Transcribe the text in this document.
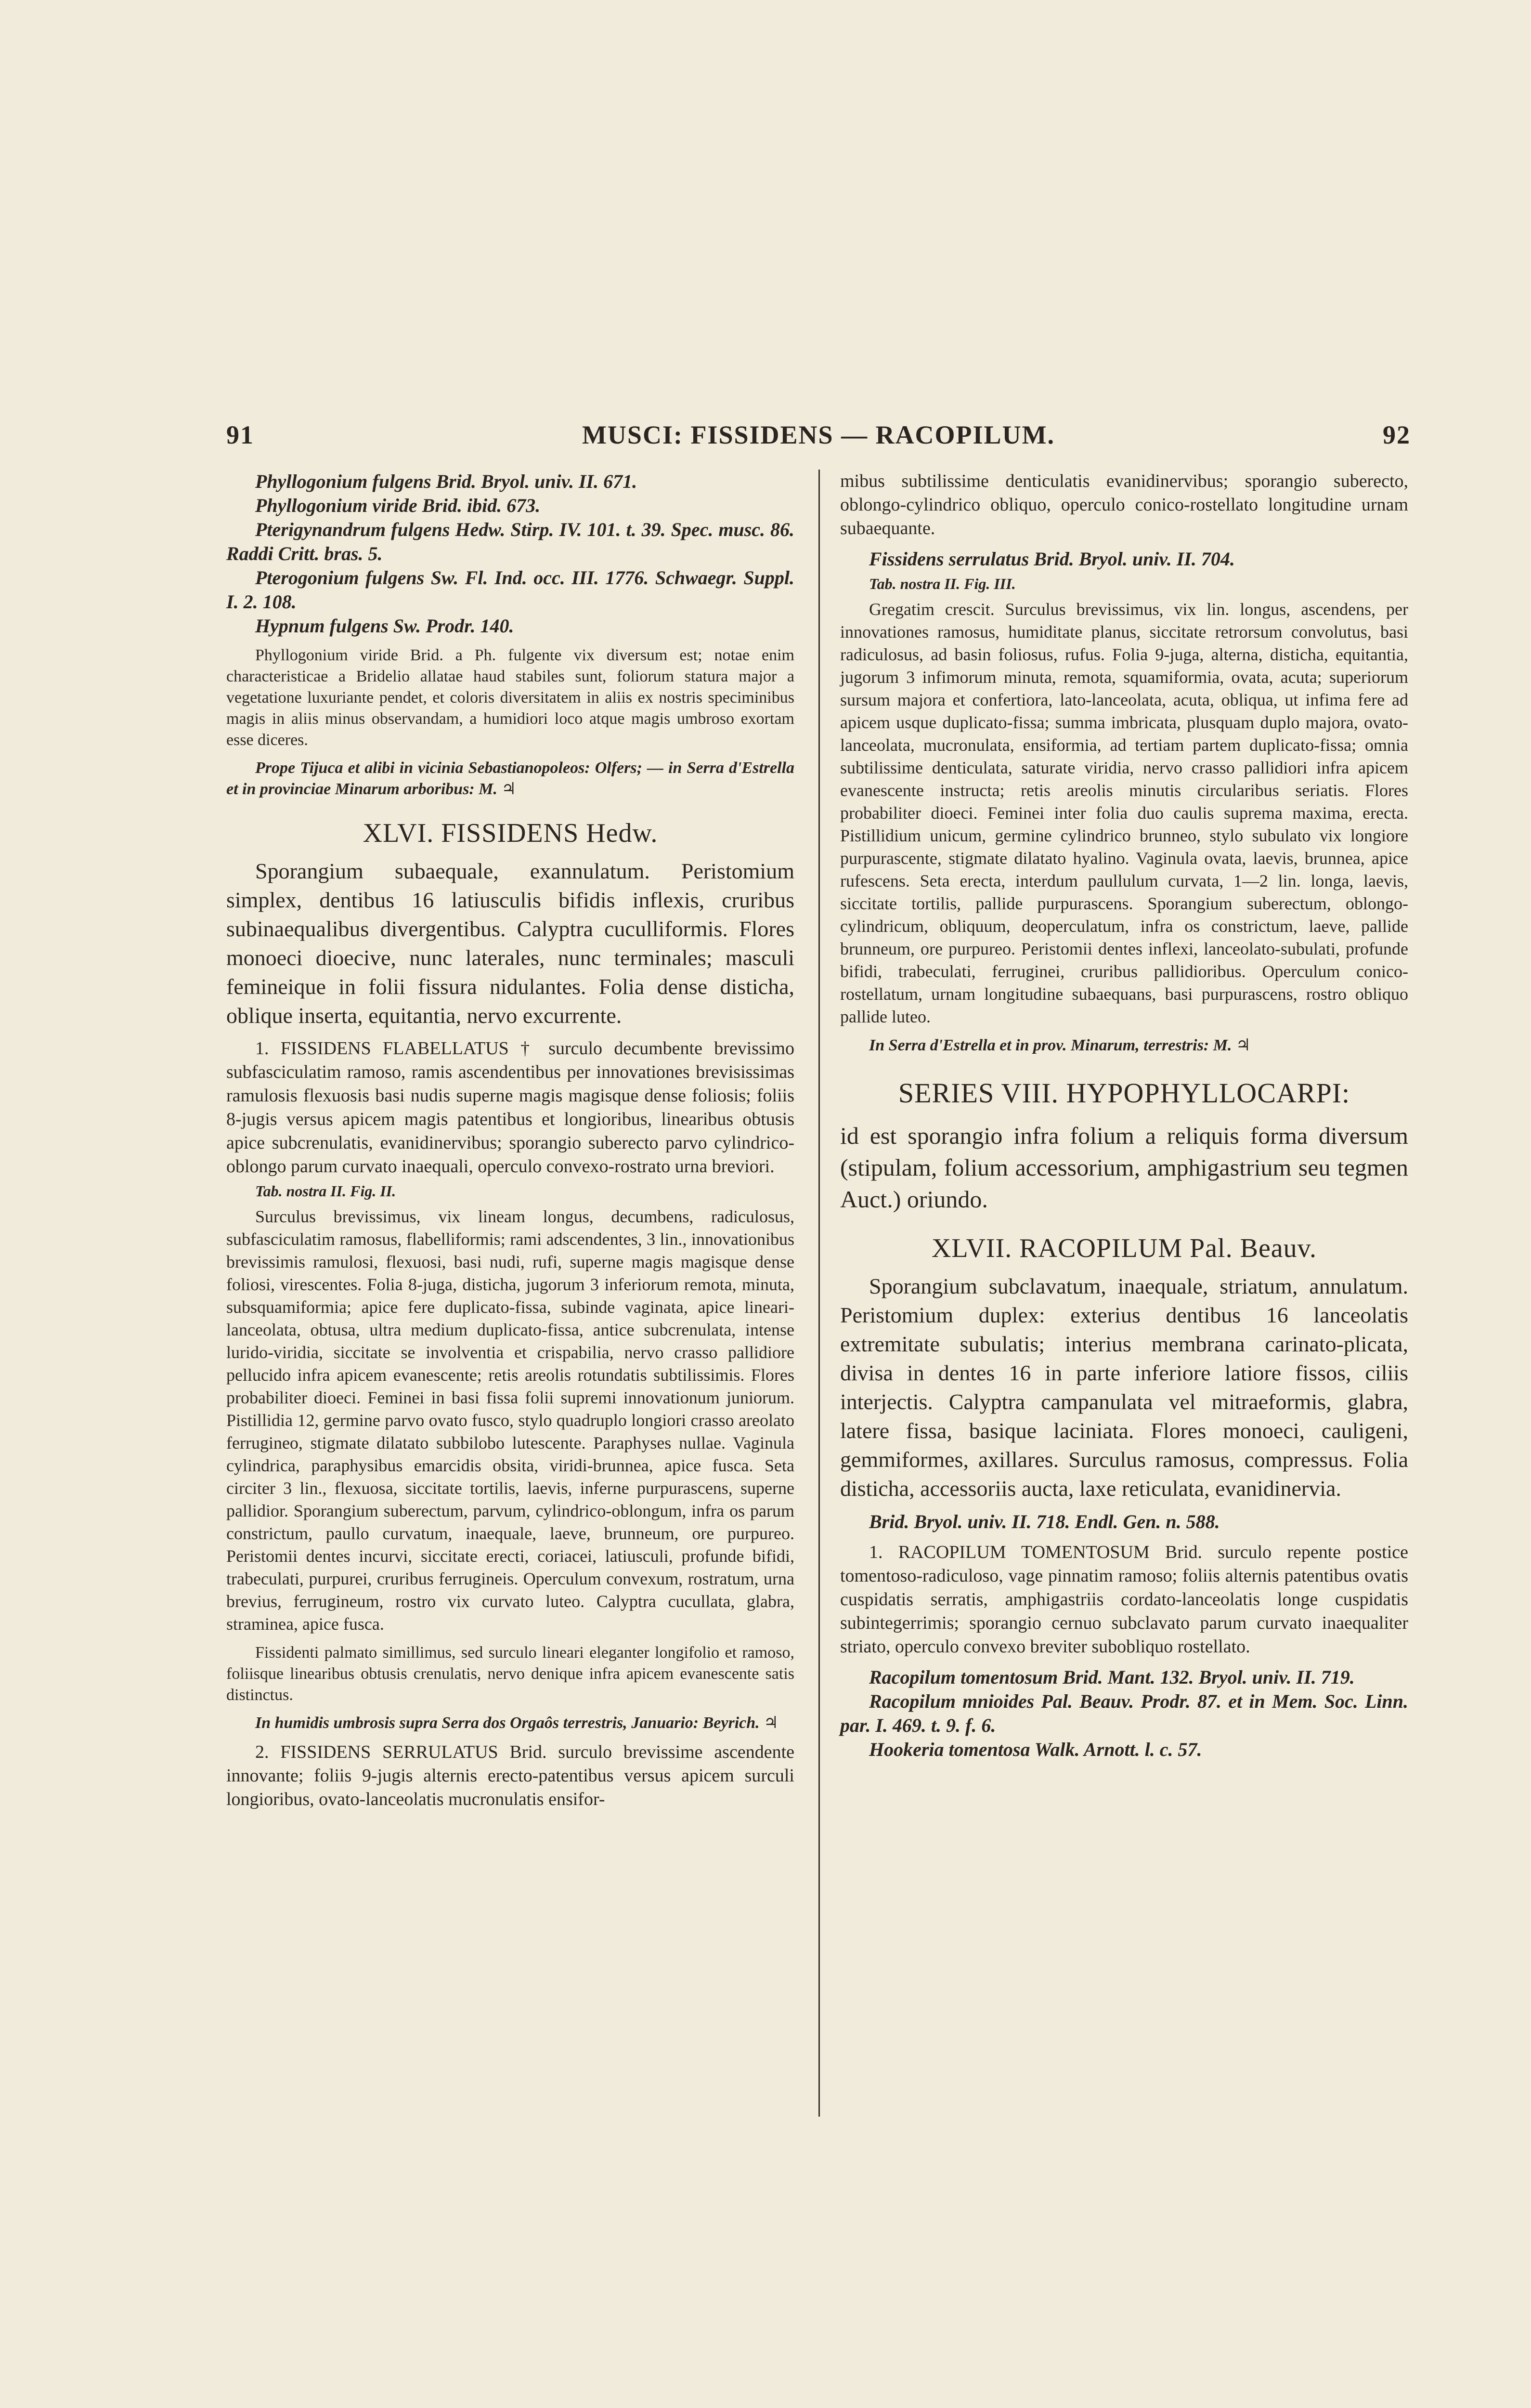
91	MUSCI: FISSIDENS — RACOPILUM.	92

Phyllogonium fulgens Brid. Bryol. univ. II. 671.

Phyllogonium viride Brid. ibid. 673.

Pterigynandrum fulgens Hedw. Stirp. IV. 101. t. 39. Spec. musc. 86. Raddi Critt. bras. 5.

Pterogonium fulgens Sw. Fl. Ind. occ. III. 1776. Schwaegr. Suppl. I. 2. 108.

Hypnum fulgens Sw. Prodr. 140.

Phyllogonium viride Brid. a Ph. fulgente vix diversum est; notae enim characteristicae a Bridelio allatae haud stabiles sunt, foliorum statura major a vegetatione luxuriante pendet, et coloris diversitatem in aliis ex nostris speciminibus magis in aliis minus observandam, a humidiori loco atque magis umbroso exortam esse diceres.

Prope Tijuca et alibi in vicinia Sebastianopoleos: Olfers; — in Serra d'Estrella et in provinciae Minarum arboribus: M. ♃

XLVI. FISSIDENS Hedw.

Sporangium subaequale, exannulatum. Peristomium simplex, dentibus 16 latiusculis bifidis inflexis, cruribus subinaequalibus divergentibus. Calyptra cuculliformis. Flores monoeci dioecive, nunc laterales, nunc terminales; masculi femineique in folii fissura nidulantes. Folia dense disticha, oblique inserta, equitantia, nervo excurrente.

1. FISSIDENS FLABELLATUS † surculo decumbente brevissimo subfasciculatim ramoso, ramis ascendentibus per innovationes brevisissimas ramulosis flexuosis basi nudis superne magis magisque dense foliosis; foliis 8-jugis versus apicem magis patentibus et longioribus, linearibus obtusis apice subcrenulatis, evanidinervibus; sporangio suberecto parvo cylindrico-oblongo parum curvato inaequali, operculo convexo-rostrato urna breviori.

Tab. nostra II. Fig. II.

Surculus brevissimus, vix lineam longus, decumbens, radiculosus, subfasciculatim ramosus, flabelliformis; rami adscendentes, 3 lin., innovationibus brevissimis ramulosi, flexuosi, basi nudi, rufi, superne magis magisque dense foliosi, virescentes. Folia 8-juga, disticha, jugorum 3 inferiorum remota, minuta, subsquamiformia; apice fere duplicato-fissa, subinde vaginata, apice lineari-lanceolata, obtusa, ultra medium duplicato-fissa, antice subcrenulata, intense lurido-viridia, siccitate se involventia et crispabilia, nervo crasso pallidiore pellucido infra apicem evanescente; retis areolis rotundatis subtilissimis. Flores probabiliter dioeci. Feminei in basi fissa folii supremi innovationum juniorum. Pistillidia 12, germine parvo ovato fusco, stylo quadruplo longiori crasso areolato ferrugineo, stigmate dilatato subbilobo lutescente. Paraphyses nullae. Vaginula cylindrica, paraphysibus emarcidis obsita, viridi-brunnea, apice fusca. Seta circiter 3 lin., flexuosa, siccitate tortilis, laevis, inferne purpurascens, superne pallidior. Sporangium suberectum, parvum, cylindrico-oblongum, infra os parum constrictum, paullo curvatum, inaequale, laeve, brunneum, ore purpureo. Peristomii dentes incurvi, siccitate erecti, coriacei, latiusculi, profunde bifidi, trabeculati, purpurei, cruribus ferrugineis. Operculum convexum, rostratum, urna brevius, ferrugineum, rostro vix curvato luteo. Calyptra cucullata, glabra, straminea, apice fusca.

Fissidenti palmato simillimus, sed surculo lineari eleganter longifolio et ramoso, foliisque linearibus obtusis crenulatis, nervo denique infra apicem evanescente satis distinctus.

In humidis umbrosis supra Serra dos Orgaôs terrestris, Januario: Beyrich. ♃

2. FISSIDENS SERRULATUS Brid. surculo brevissime ascendente innovante; foliis 9-jugis alternis erecto-patentibus versus apicem surculi longioribus, ovato-lanceolatis mucronulatis ensifor-

mibus subtilissime denticulatis evanidinervibus; sporangio suberecto, oblongo-cylindrico obliquo, operculo conico-rostellato longitudine urnam subaequante.

Fissidens serrulatus Brid. Bryol. univ. II. 704.

Tab. nostra II. Fig. III.

Gregatim crescit. Surculus brevissimus, vix lin. longus, ascendens, per innovationes ramosus, humiditate planus, siccitate retrorsum convolutus, basi radiculosus, ad basin foliosus, rufus. Folia 9-juga, alterna, disticha, equitantia, jugorum 3 infimorum minuta, remota, squamiformia, ovata, acuta; superiorum sursum majora et confertiora, lato-lanceolata, acuta, obliqua, ut infima fere ad apicem usque duplicato-fissa; summa imbricata, plusquam duplo majora, ovato-lanceolata, mucronulata, ensiformia, ad tertiam partem duplicato-fissa; omnia subtilissime denticulata, saturate viridia, nervo crasso pallidiori infra apicem evanescente instructa; retis areolis minutis circularibus seriatis. Flores probabiliter dioeci. Feminei inter folia duo caulis suprema maxima, erecta. Pistillidium unicum, germine cylindrico brunneo, stylo subulato vix longiore purpurascente, stigmate dilatato hyalino. Vaginula ovata, laevis, brunnea, apice rufescens. Seta erecta, interdum paullulum curvata, 1—2 lin. longa, laevis, siccitate tortilis, pallide purpurascens. Sporangium suberectum, oblongo-cylindricum, obliquum, deoperculatum, infra os constrictum, laeve, pallide brunneum, ore purpureo. Peristomii dentes inflexi, lanceolato-subulati, profunde bifidi, trabeculati, ferruginei, cruribus pallidioribus. Operculum conico-rostellatum, urnam longitudine subaequans, basi purpurascens, rostro obliquo pallide luteo.

In Serra d'Estrella et in prov. Minarum, terrestris: M. ♃

SERIES VIII. HYPOPHYLLOCARPI:

id est sporangio infra folium a reliquis forma diversum (stipulam, folium accessorium, amphigastrium seu tegmen Auct.) oriundo.

XLVII. RACOPILUM Pal. Beauv.

Sporangium subclavatum, inaequale, striatum, annulatum. Peristomium duplex: exterius dentibus 16 lanceolatis extremitate subulatis; interius membrana carinato-plicata, divisa in dentes 16 in parte inferiore latiore fissos, ciliis interjectis. Calyptra campanulata vel mitraeformis, glabra, latere fissa, basique laciniata. Flores monoeci, cauligeni, gemmiformes, axillares. Surculus ramosus, compressus. Folia disticha, accessoriis aucta, laxe reticulata, evanidinervia.

Brid. Bryol. univ. II. 718. Endl. Gen. n. 588.

1. RACOPILUM TOMENTOSUM Brid. surculo repente postice tomentoso-radiculoso, vage pinnatim ramoso; foliis alternis patentibus ovatis cuspidatis serratis, amphigastriis cordato-lanceolatis longe cuspidatis subintegerrimis; sporangio cernuo subclavato parum curvato inaequaliter striato, operculo convexo breviter subobliquo rostellato.

Racopilum tomentosum Brid. Mant. 132. Bryol. univ. II. 719.

Racopilum mnioides Pal. Beauv. Prodr. 87. et in Mem. Soc. Linn. par. I. 469. t. 9. f. 6.

Hookeria tomentosa Walk. Arnott. l. c. 57.
